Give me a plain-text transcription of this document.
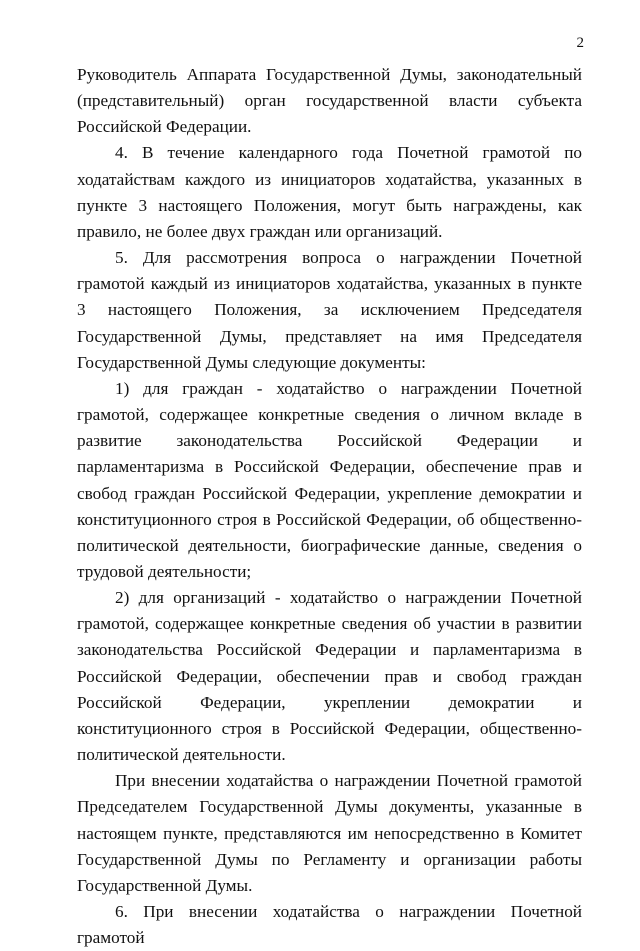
2

Руководитель Аппарата Государственной Думы, законодательный (представительный) орган государственной власти субъекта Российской Федерации.

4. В течение календарного года Почетной грамотой по ходатайствам каждого из инициаторов ходатайства, указанных в пункте 3 настоящего Положения, могут быть награждены, как правило, не более двух граждан или организаций.

5. Для рассмотрения вопроса о награждении Почетной грамотой каждый из инициаторов ходатайства, указанных в пункте 3 настоящего Положения, за исключением Председателя Государственной Думы, представляет на имя Председателя Государственной Думы следующие документы:

1) для граждан - ходатайство о награждении Почетной грамотой, содержащее конкретные сведения о личном вкладе в развитие законодательства Российской Федерации и парламентаризма в Российской Федерации, обеспечение прав и свобод граждан Российской Федерации, укрепление демократии и конституционного строя в Российской Федерации, об общественно-политической деятельности, биографические данные, сведения о трудовой деятельности;

2) для организаций - ходатайство о награждении Почетной грамотой, содержащее конкретные сведения об участии в развитии законодательства Российской Федерации и парламентаризма в Российской Федерации, обеспечении прав и свобод граждан Российской Федерации, укреплении демократии и конституционного строя в Российской Федерации, общественно-политической деятельности.

При внесении ходатайства о награждении Почетной грамотой Председателем Государственной Думы документы, указанные в настоящем пункте, представляются им непосредственно в Комитет Государственной Думы по Регламенту и организации работы Государственной Думы.

6. При внесении ходатайства о награждении Почетной грамотой
